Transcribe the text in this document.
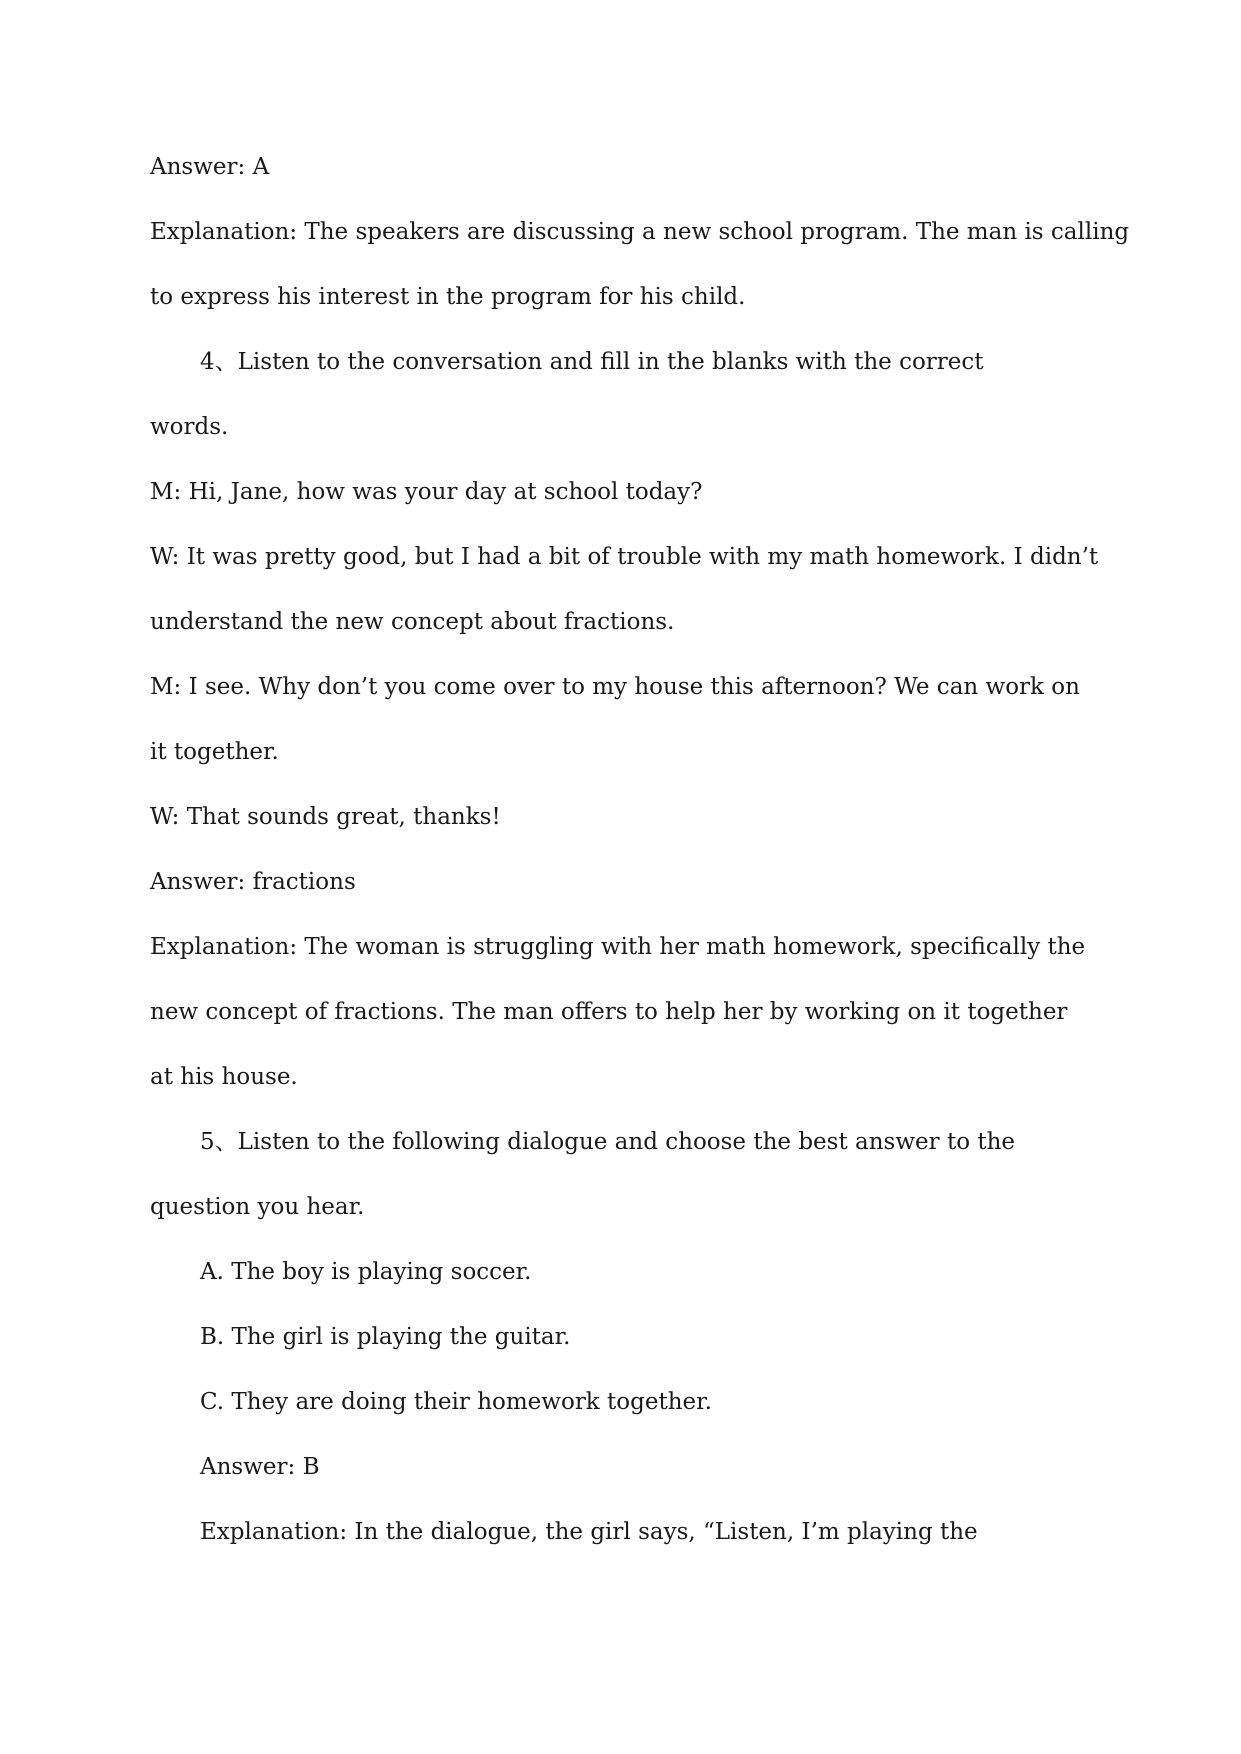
Answer: A
Explanation: The speakers are discussing a new school program. The man is calling
to express his interest in the program for his child.
4、Listen to the conversation and fill in the blanks with the correct
words.
M: Hi, Jane, how was your day at school today?
W: It was pretty good, but I had a bit of trouble with my math homework. I didn’t
understand the new concept about fractions.
M: I see. Why don’t you come over to my house this afternoon? We can work on
it together.
W: That sounds great, thanks!
Answer: fractions
Explanation: The woman is struggling with her math homework, specifically the
new concept of fractions. The man offers to help her by working on it together
at his house.
5、Listen to the following dialogue and choose the best answer to the
question you hear.
A. The boy is playing soccer.
B. The girl is playing the guitar.
C. They are doing their homework together.
Answer: B
Explanation: In the dialogue, the girl says, “Listen, I’m playing the
